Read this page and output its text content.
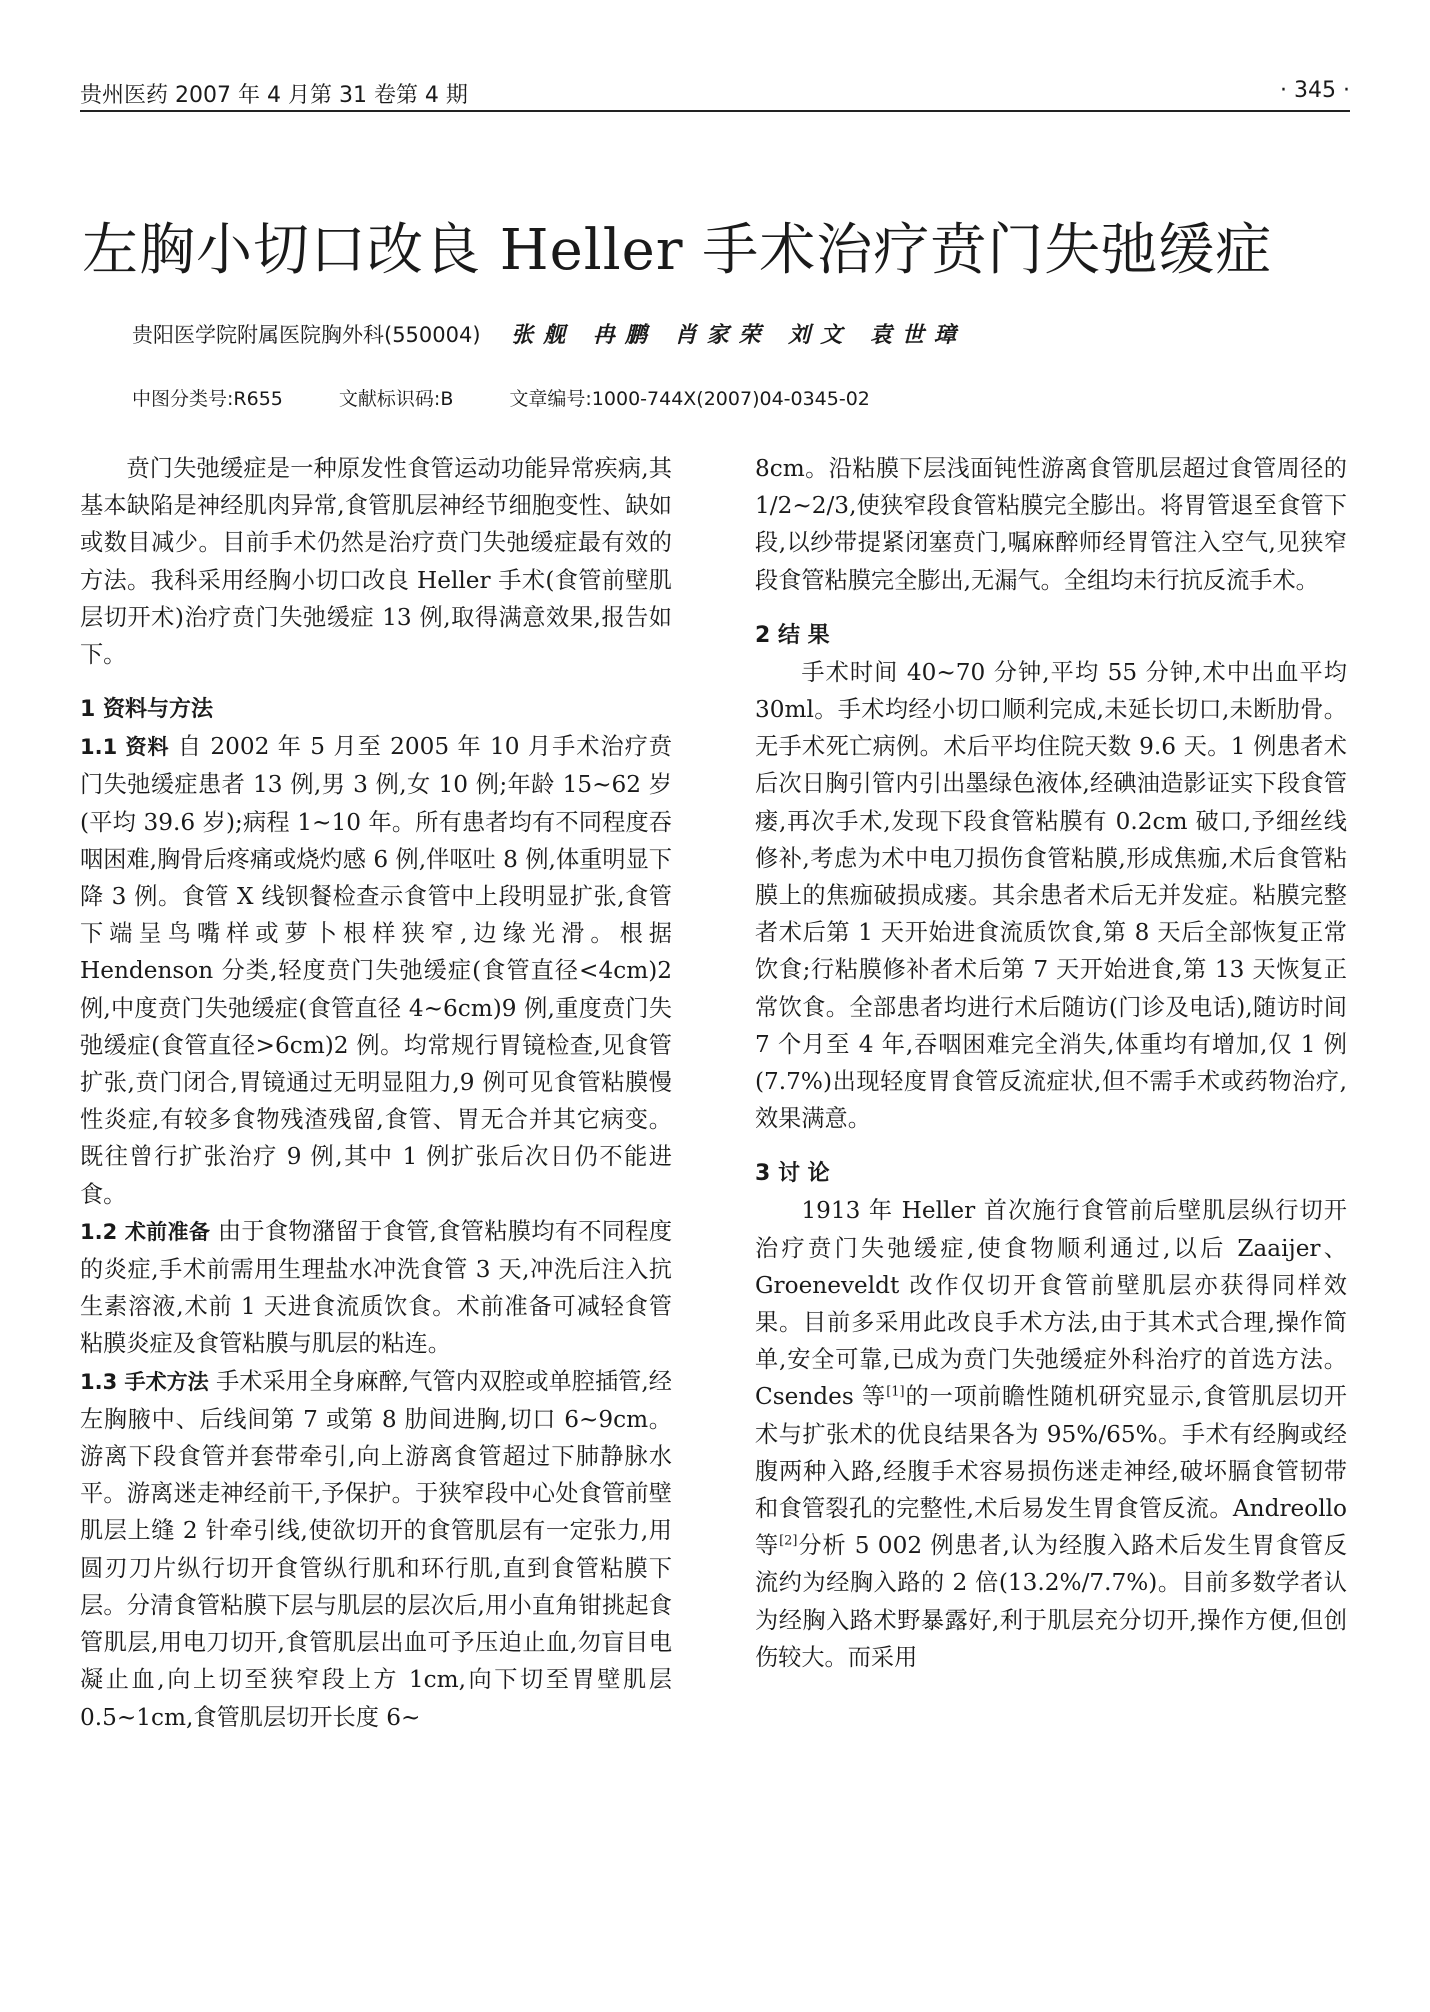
贵州医药 2007 年 4 月第 31 卷第 4 期	· 345 ·
左胸小切口改良 Heller 手术治疗贲门失弛缓症
贵阳医学院附属医院胸外科(550004) 张舰 冉鹏 肖家荣 刘文 袁世璋
中图分类号:R655	文献标识码:B	文章编号:1000-744X(2007)04-0345-02

贲门失弛缓症是一种原发性食管运动功能异常疾病,其基本缺陷是神经肌肉异常,食管肌层神经节细胞变性、缺如或数目减少。目前手术仍然是治疗贲门失弛缓症最有效的方法。我科采用经胸小切口改良 Heller 手术(食管前壁肌层切开术)治疗贲门失弛缓症 13 例,取得满意效果,报告如下。

1 资料与方法

1.1 资料 自 2002 年 5 月至 2005 年 10 月手术治疗贲门失弛缓症患者 13 例,男 3 例,女 10 例;年龄 15~62 岁(平均 39.6 岁);病程 1~10 年。所有患者均有不同程度吞咽困难,胸骨后疼痛或烧灼感 6 例,伴呕吐 8 例,体重明显下降 3 例。食管 X 线钡餐检查示食管中上段明显扩张,食管下端呈鸟嘴样或萝卜根样狭窄,边缘光滑。根据 Hendenson 分类,轻度贲门失弛缓症(食管直径<4cm)2 例,中度贲门失弛缓症(食管直径 4~6cm)9 例,重度贲门失弛缓症(食管直径>6cm)2 例。均常规行胃镜检查,见食管扩张,贲门闭合,胃镜通过无明显阻力,9 例可见食管粘膜慢性炎症,有较多食物残渣残留,食管、胃无合并其它病变。既往曾行扩张治疗 9 例,其中 1 例扩张后次日仍不能进食。

1.2 术前准备 由于食物潴留于食管,食管粘膜均有不同程度的炎症,手术前需用生理盐水冲洗食管 3 天,冲洗后注入抗生素溶液,术前 1 天进食流质饮食。术前准备可减轻食管粘膜炎症及食管粘膜与肌层的粘连。

1.3 手术方法 手术采用全身麻醉,气管内双腔或单腔插管,经左胸腋中、后线间第 7 或第 8 肋间进胸,切口 6~9cm。游离下段食管并套带牵引,向上游离食管超过下肺静脉水平。游离迷走神经前干,予保护。于狭窄段中心处食管前壁肌层上缝 2 针牵引线,使欲切开的食管肌层有一定张力,用圆刃刀片纵行切开食管纵行肌和环行肌,直到食管粘膜下层。分清食管粘膜下层与肌层的层次后,用小直角钳挑起食管肌层,用电刀切开,食管肌层出血可予压迫止血,勿盲目电凝止血,向上切至狭窄段上方 1cm,向下切至胃壁肌层 0.5~1cm,食管肌层切开长度 6~

8cm。沿粘膜下层浅面钝性游离食管肌层超过食管周径的 1/2~2/3,使狭窄段食管粘膜完全膨出。将胃管退至食管下段,以纱带提紧闭塞贲门,嘱麻醉师经胃管注入空气,见狭窄段食管粘膜完全膨出,无漏气。全组均未行抗反流手术。

2 结 果

手术时间 40~70 分钟,平均 55 分钟,术中出血平均 30ml。手术均经小切口顺利完成,未延长切口,未断肋骨。无手术死亡病例。术后平均住院天数 9.6 天。1 例患者术后次日胸引管内引出墨绿色液体,经碘油造影证实下段食管瘘,再次手术,发现下段食管粘膜有 0.2cm 破口,予细丝线修补,考虑为术中电刀损伤食管粘膜,形成焦痂,术后食管粘膜上的焦痂破损成瘘。其余患者术后无并发症。粘膜完整者术后第 1 天开始进食流质饮食,第 8 天后全部恢复正常饮食;行粘膜修补者术后第 7 天开始进食,第 13 天恢复正常饮食。全部患者均进行术后随访(门诊及电话),随访时间 7 个月至 4 年,吞咽困难完全消失,体重均有增加,仅 1 例(7.7%)出现轻度胃食管反流症状,但不需手术或药物治疗,效果满意。

3 讨 论

1913 年 Heller 首次施行食管前后壁肌层纵行切开治疗贲门失弛缓症,使食物顺利通过,以后 Zaaijer、Groeneveldt 改作仅切开食管前壁肌层亦获得同样效果。目前多采用此改良手术方法,由于其术式合理,操作简单,安全可靠,已成为贲门失弛缓症外科治疗的首选方法。Csendes 等[1]的一项前瞻性随机研究显示,食管肌层切开术与扩张术的优良结果各为 95%/65%。手术有经胸或经腹两种入路,经腹手术容易损伤迷走神经,破坏膈食管韧带和食管裂孔的完整性,术后易发生胃食管反流。Andreollo 等[2]分析 5 002 例患者,认为经腹入路术后发生胃食管反流约为经胸入路的 2 倍(13.2%/7.7%)。目前多数学者认为经胸入路术野暴露好,利于肌层充分切开,操作方便,但创伤较大。而采用
